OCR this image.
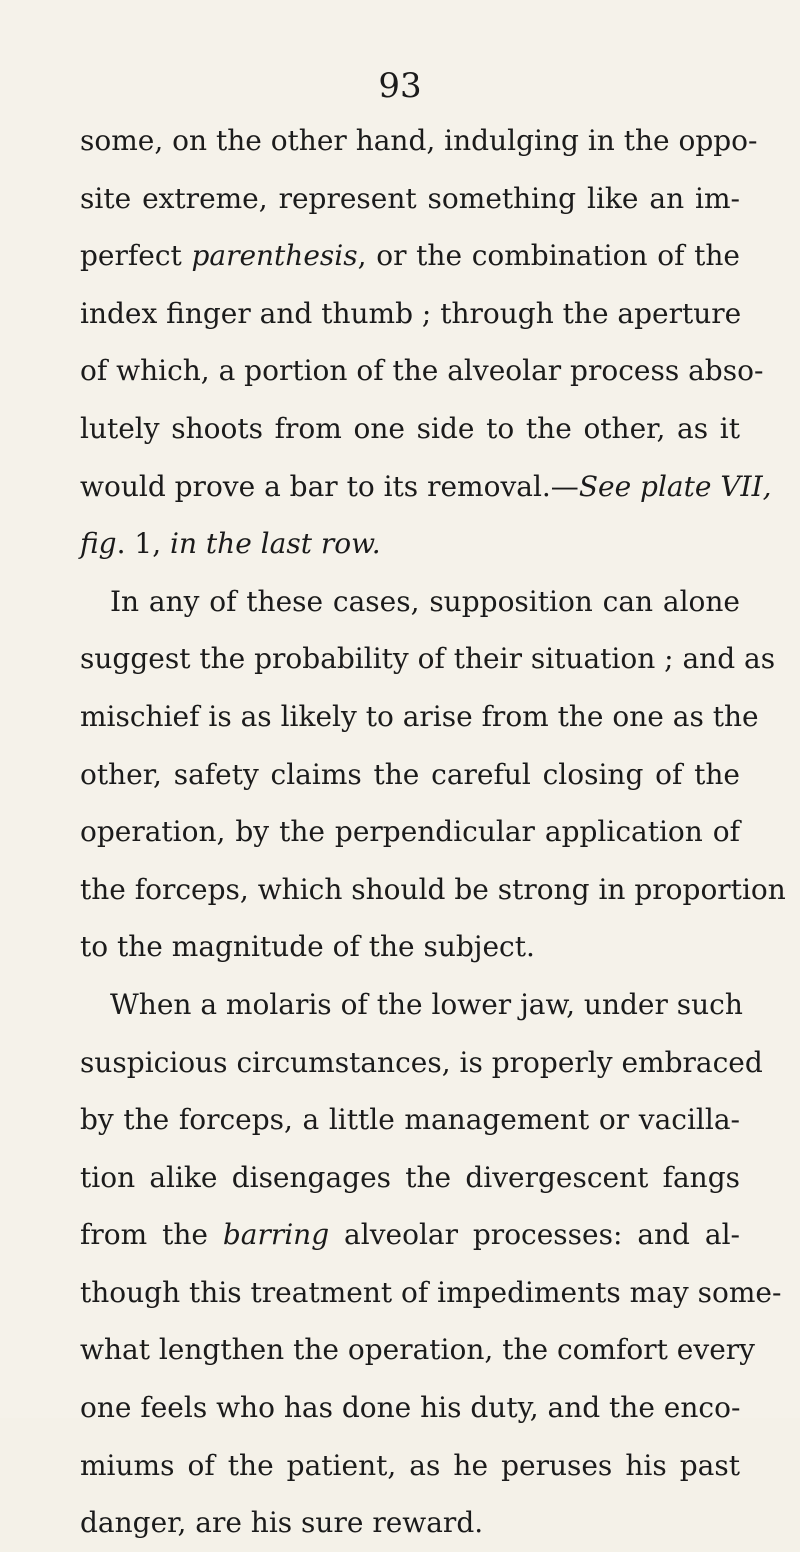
93
some, on the other hand, indulging in the oppo-
site extreme, represent something like an im-
perfect parenthesis, or the combination of the
index finger and thumb ; through the aperture
of which, a portion of the alveolar process abso-
lutely shoots from one side to the other, as it
would prove a bar to its removal.—See plate VII,
fig. 1, in the last row.
In any of these cases, supposition can alone
suggest the probability of their situation ; and as
mischief is as likely to arise from the one as the
other, safety claims the careful closing of the
operation, by the perpendicular application of
the forceps, which should be strong in proportion
to the magnitude of the subject.
When a molaris of the lower jaw, under such
suspicious circumstances, is properly embraced
by the forceps, a little management or vacilla-
tion alike disengages the divergescent fangs
from the barring alveolar processes: and al-
though this treatment of impediments may some-
what lengthen the operation, the comfort every
one feels who has done his duty, and the enco-
miums of the patient, as he peruses his past
danger, are his sure reward.
